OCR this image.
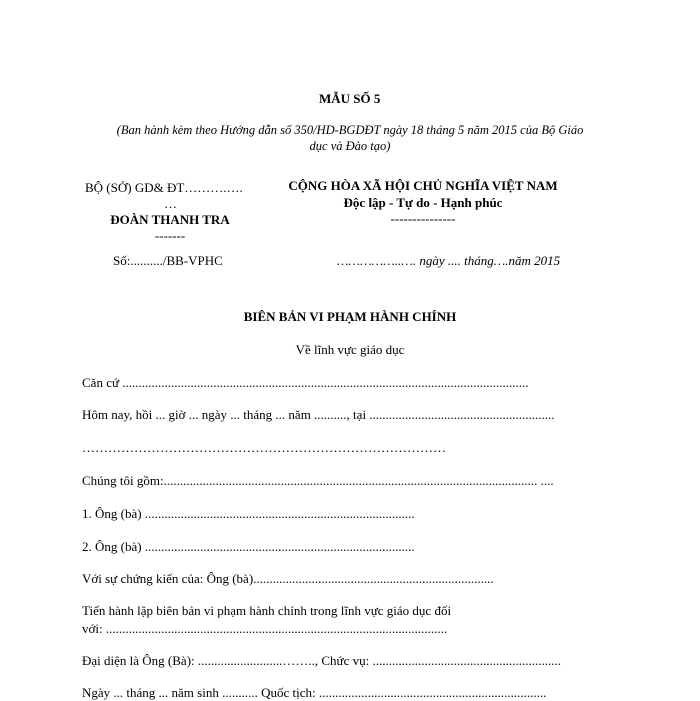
MẪU SỐ 5
(Ban hành kèm theo Hướng dẫn số 350/HD-BGDĐT ngày 18 tháng 5 năm 2015 của Bộ Giáo
dục và Đào tạo)
BỘ (SỞ) GD& ĐT……….….
…
ĐOÀN THANH TRA
-------
Số:........../BB-VPHC
CỘNG HÒA XÃ HỘI CHỦ NGHĨA VIỆT NAM
Độc lập - Tự do - Hạnh phúc
---------------
……………..…. ngày .... tháng….năm 2015
BIÊN BẢN VI PHẠM HÀNH CHÍNH
Về lĩnh vực giáo dục
Căn cứ .............................................................................................................................
Hôm nay, hồi ... giờ ... ngày ... tháng ... năm .........., tại .........................................................
…………………………………………………………………………
Chúng tôi gồm:................................................................................................................... ....
1. Ông (bà) ...................................................................................
2. Ông (bà) ...................................................................................
Với sự chứng kiến của: Ông (bà)..........................................................................
Tiến hành lập biên bản vi phạm hành chính trong lĩnh vực giáo dục đối
với: .........................................................................................................
Đại diện là Ông (Bà): ..........................…….., Chức vụ: ..........................................................
Ngày ... tháng ... năm sinh ........... Quốc tịch: ......................................................................
